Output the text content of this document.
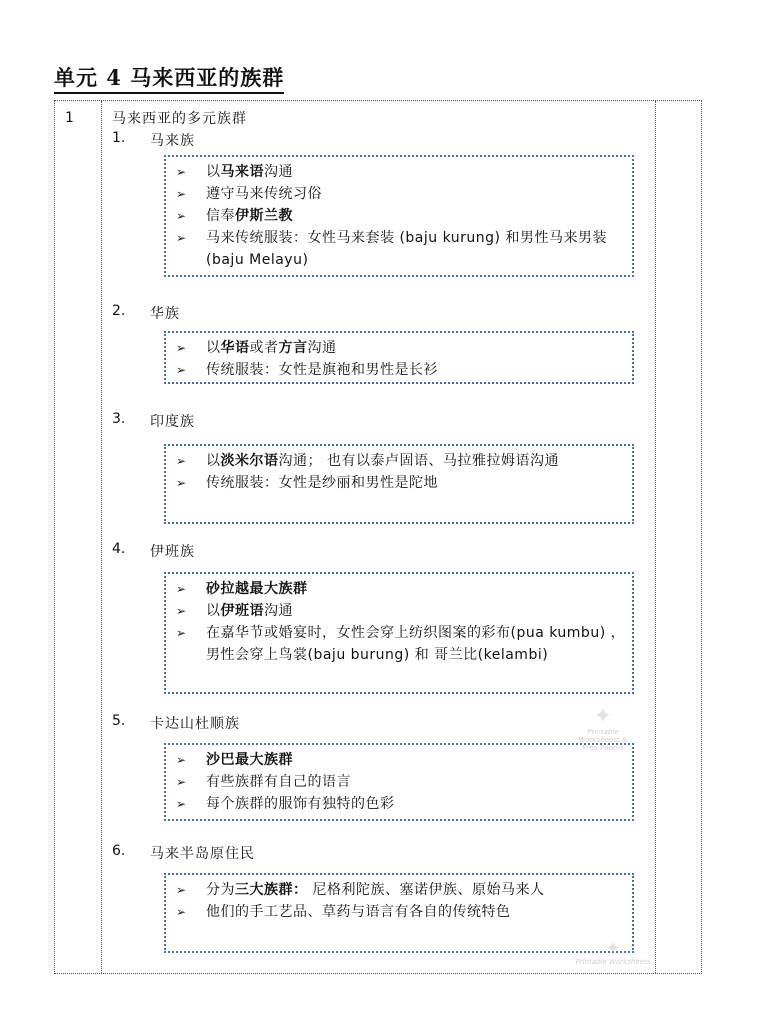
单元 4 马来西亚的族群
1	马来西亚的多元族群
1. 马来族
➢	以马来语沟通
➢	遵守马来传统习俗
➢	信奉伊斯兰教
➢	马来传统服装：女性马来套装 (baju kurung) 和男性马来男装 (baju Melayu)
2. 华族
➢	以华语或者方言沟通
➢	传统服装：女性是旗袍和男性是长衫
3. 印度族
➢	以淡米尔语沟通； 也有以泰卢固语、马拉雅拉姆语沟通
➢	传统服装：女性是纱丽和男性是陀地
4. 伊班族
➢	砂拉越最大族群
➢	以伊班语沟通
➢	在嘉华节或婚宴时，女性会穿上纺织图案的彩布(pua kumbu) ，男性会穿上鸟裳(baju burung) 和 哥兰比(kelambi)
5. 卡达山杜顺族
➢	沙巴最大族群
➢	有些族群有自己的语言
➢	每个族群的服饰有独特的色彩
6. 马来半岛原住民
➢	分为三大族群： 尼格利陀族、塞诺伊族、原始马来人
➢	他们的手工艺品、草药与语言有各自的传统特色
✦
Printable Worksheets & Free Papers
✦
Printable Worksheets
